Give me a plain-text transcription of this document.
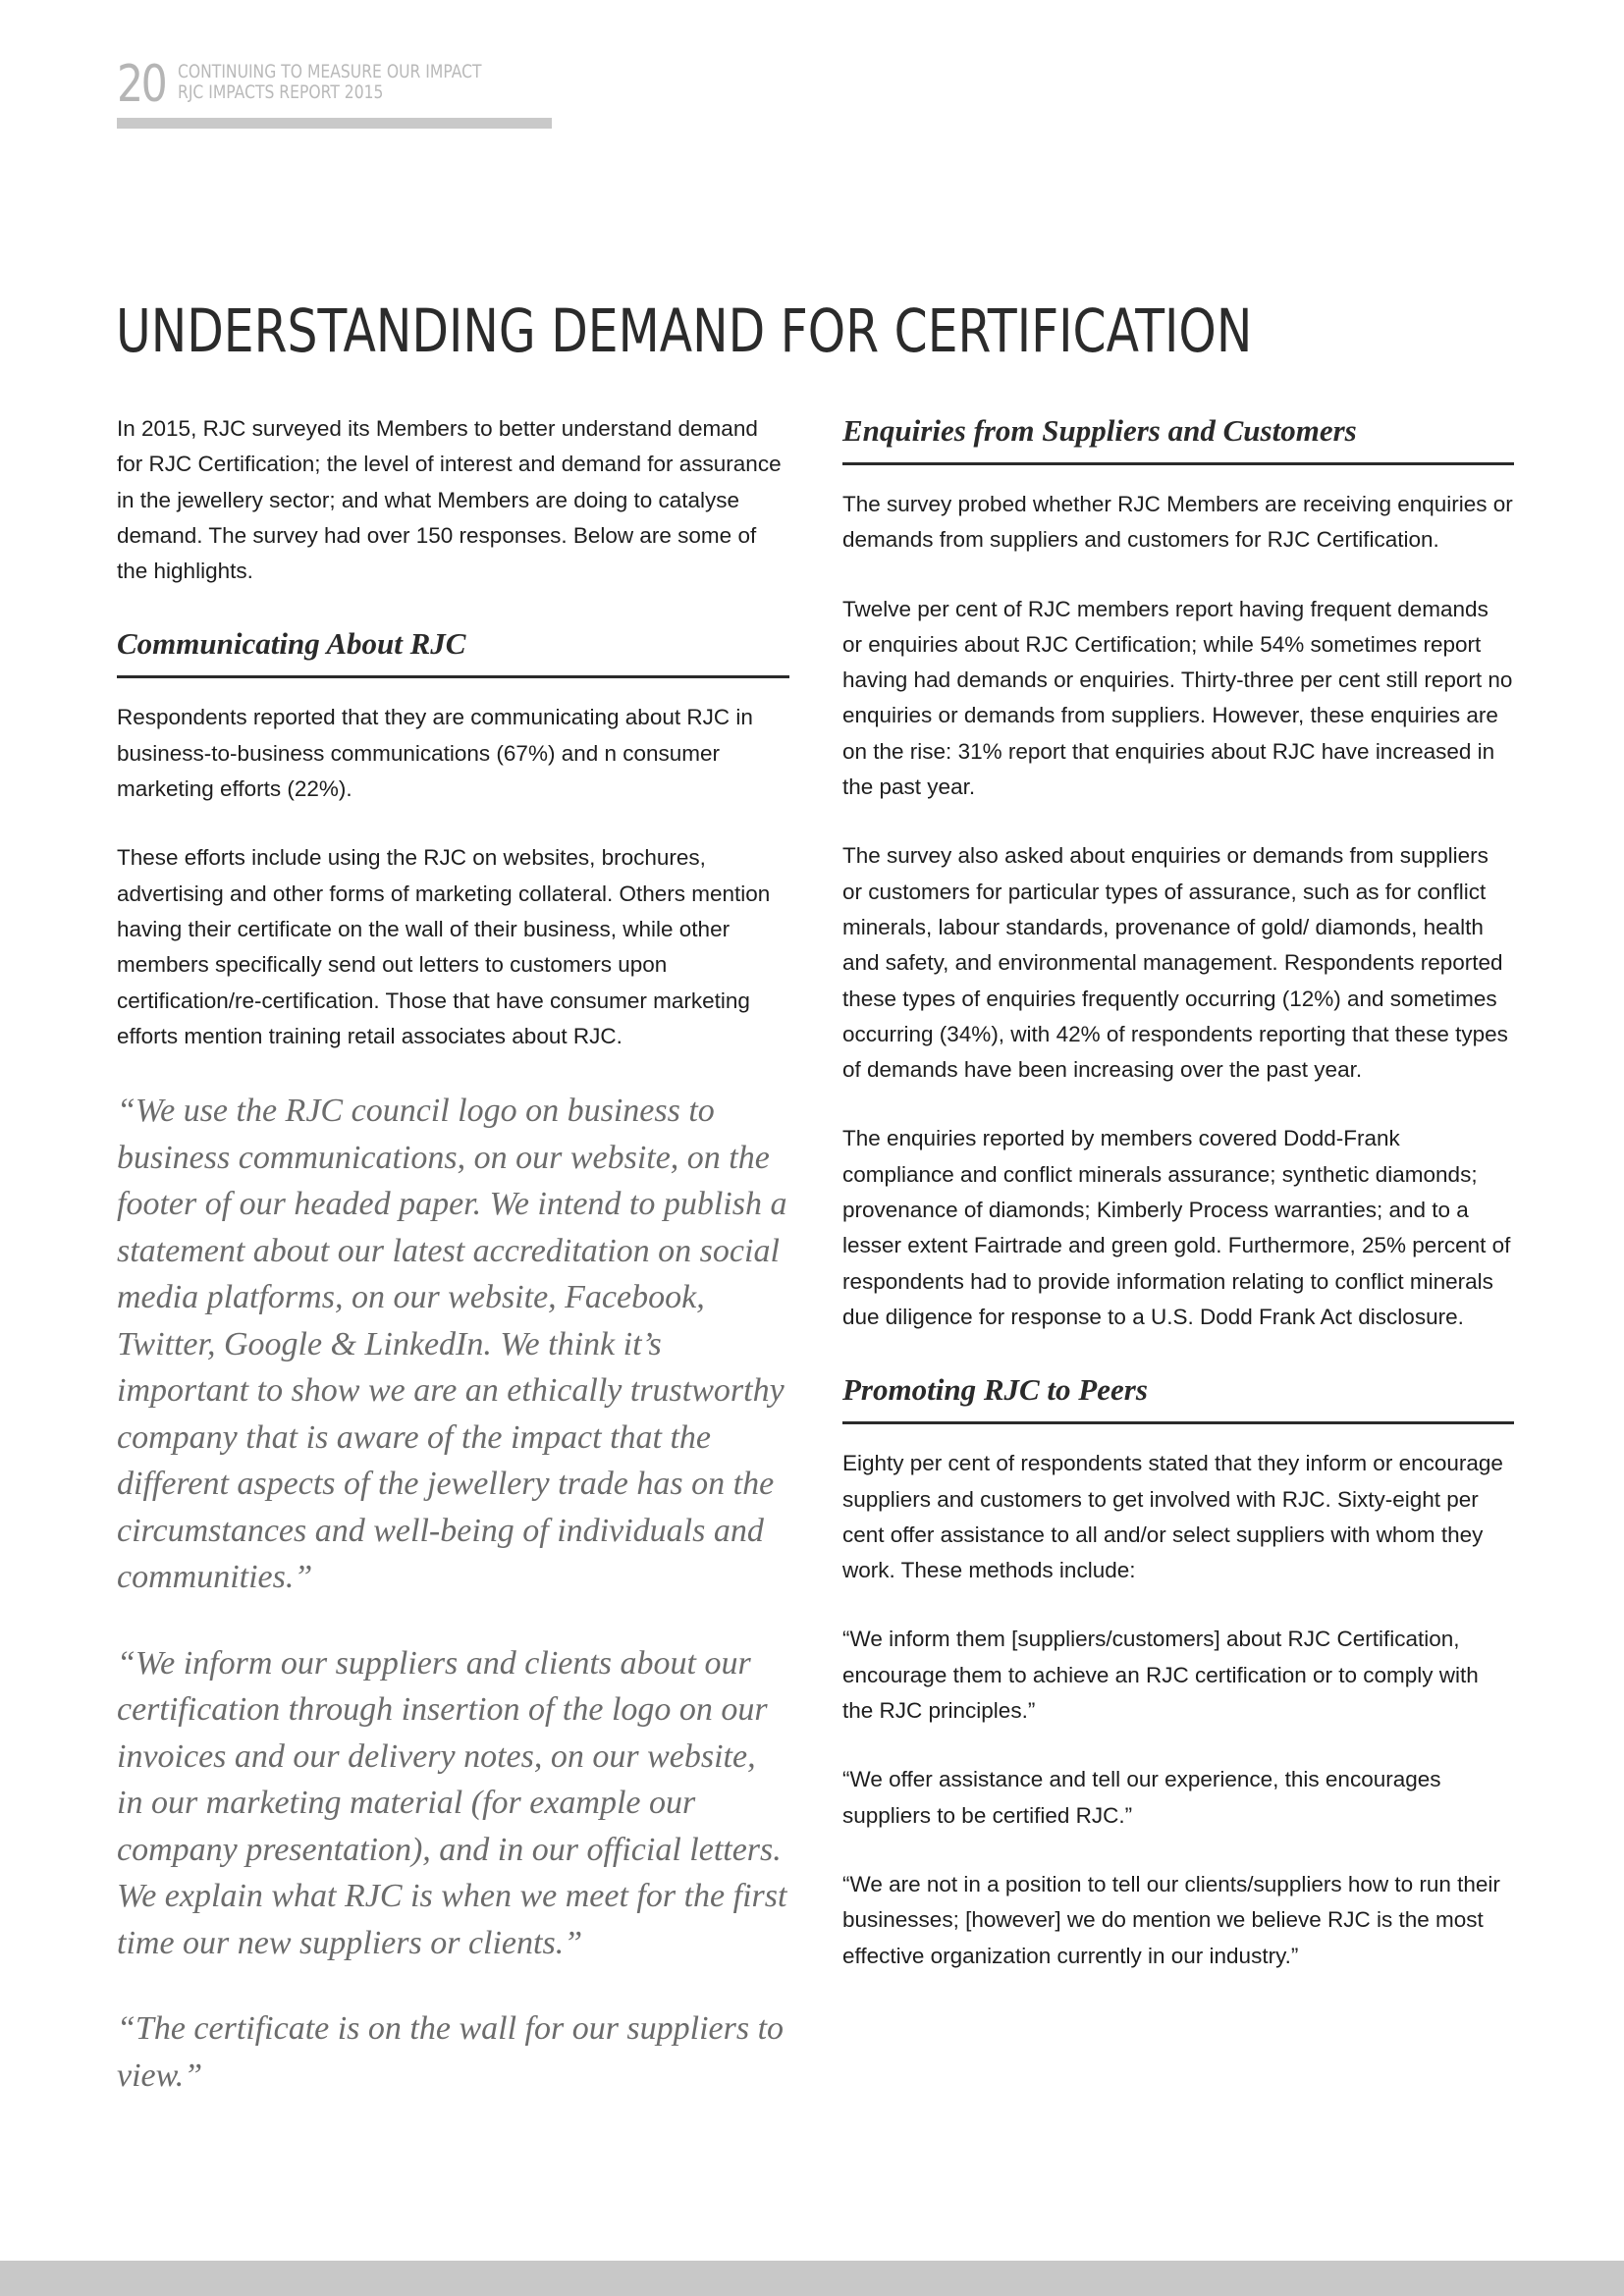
20 CONTINUING TO MEASURE OUR IMPACT
RJC IMPACTS REPORT 2015
UNDERSTANDING DEMAND FOR CERTIFICATION

In 2015, RJC surveyed its Members to better understand demand for RJC Certification; the level of interest and demand for assurance in the jewellery sector; and what Members are doing to catalyse demand. The survey had over 150 responses. Below are some of the highlights.

Communicating About RJC

Respondents reported that they are communicating about RJC in business-to-business communications (67%) and n consumer marketing efforts (22%).

These efforts include using the RJC on websites, brochures, advertising and other forms of marketing collateral. Others mention having their certificate on the wall of their business, while other members specifically send out letters to customers upon certification/re-certification. Those that have consumer marketing efforts mention training retail associates about RJC.

“We use the RJC council logo on business to business communications, on our website, on the footer of our headed paper. We intend to publish a statement about our latest accreditation on social media platforms, on our website, Facebook, Twitter, Google & LinkedIn. We think it’s important to show we are an ethically trustworthy company that is aware of the impact that the different aspects of the jewellery trade has on the circumstances and well-being of individuals and communities.”

“We inform our suppliers and clients about our certification through insertion of the logo on our invoices and our delivery notes, on our website, in our marketing material (for example our company presentation), and in our official letters. We explain what RJC is when we meet for the first time our new suppliers or clients.”

“The certificate is on the wall for our suppliers to view.”

Enquiries from Suppliers and Customers

The survey probed whether RJC Members are receiving enquiries or demands from suppliers and customers for RJC Certification.

Twelve per cent of RJC members report having frequent demands or enquiries about RJC Certification; while 54% sometimes report having had demands or enquiries. Thirty-three per cent still report no enquiries or demands from suppliers. However, these enquiries are on the rise: 31% report that enquiries about RJC have increased in the past year.

The survey also asked about enquiries or demands from suppliers or customers for particular types of assurance, such as for conflict minerals, labour standards, provenance of gold/ diamonds, health and safety, and environmental management. Respondents reported these types of enquiries frequently occurring (12%) and sometimes occurring (34%), with 42% of respondents reporting that these types of demands have been increasing over the past year.

The enquiries reported by members covered Dodd-Frank compliance and conflict minerals assurance; synthetic diamonds; provenance of diamonds; Kimberly Process warranties; and to a lesser extent Fairtrade and green gold. Furthermore, 25% percent of respondents had to provide information relating to conflict minerals due diligence for response to a U.S. Dodd Frank Act disclosure.

Promoting RJC to Peers

Eighty per cent of respondents stated that they inform or encourage suppliers and customers to get involved with RJC. Sixty-eight per cent offer assistance to all and/or select suppliers with whom they work. These methods include:

“We inform them [suppliers/customers] about RJC Certification, encourage them to achieve an RJC certification or to comply with the RJC principles.”

“We offer assistance and tell our experience, this encourages suppliers to be certified RJC.”

“We are not in a position to tell our clients/suppliers how to run their businesses; [however] we do mention we believe RJC is the most effective organization currently in our industry.”
